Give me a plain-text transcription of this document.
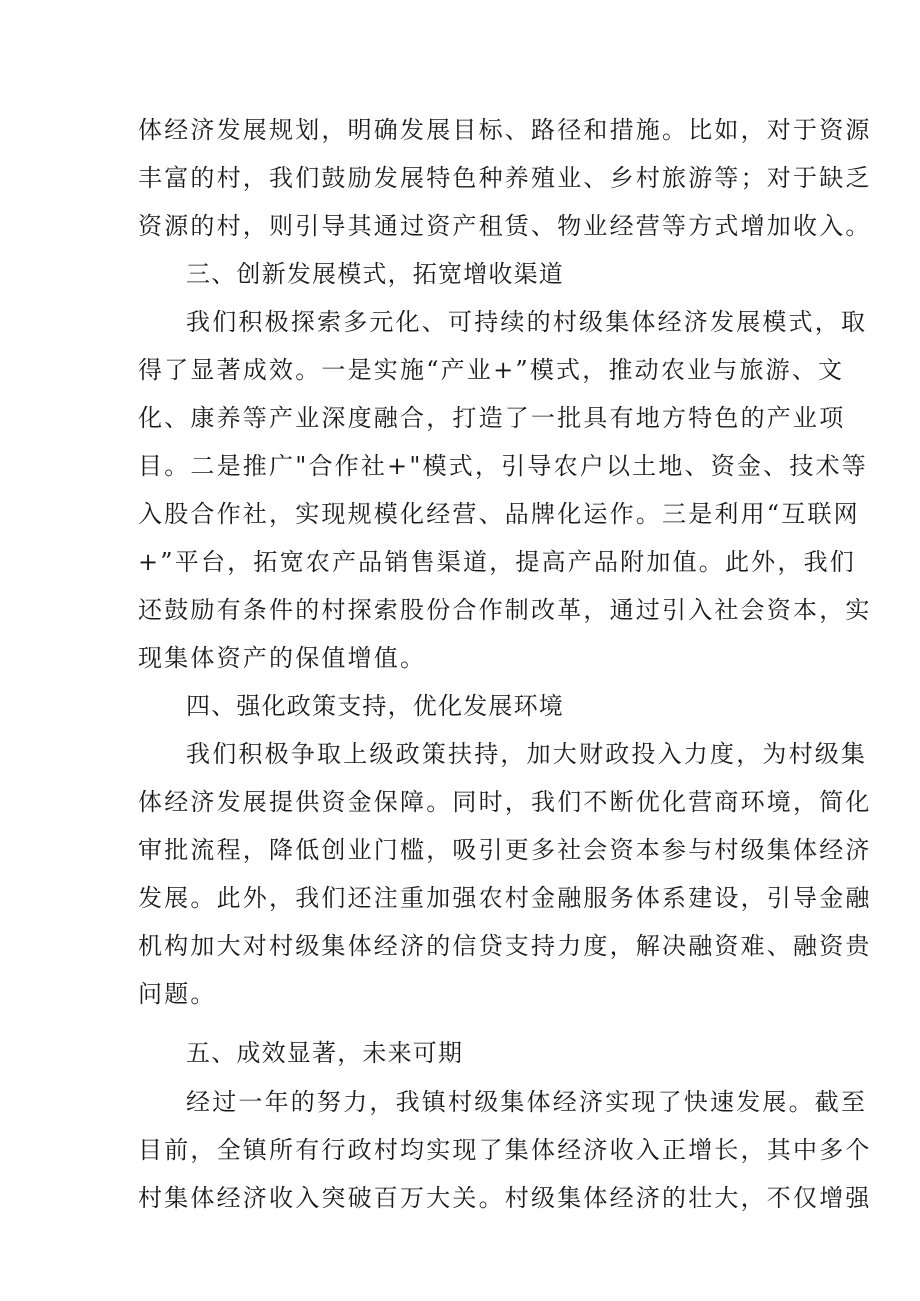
体经济发展规划，明确发展目标、路径和措施。比如，对于资源
丰富的村，我们鼓励发展特色种养殖业、乡村旅游等；对于缺乏
资源的村，则引导其通过资产租赁、物业经营等方式增加收入。
三、创新发展模式，拓宽增收渠道
我们积极探索多元化、可持续的村级集体经济发展模式，取
得了显著成效。一是实施“产业+”模式，推动农业与旅游、文
化、康养等产业深度融合，打造了一批具有地方特色的产业项
目。二是推广"合作社+"模式，引导农户以土地、资金、技术等
入股合作社，实现规模化经营、品牌化运作。三是利用“互联网
+”平台，拓宽农产品销售渠道，提高产品附加值。此外，我们
还鼓励有条件的村探索股份合作制改革，通过引入社会资本，实
现集体资产的保值增值。
四、强化政策支持，优化发展环境
我们积极争取上级政策扶持，加大财政投入力度，为村级集
体经济发展提供资金保障。同时，我们不断优化营商环境，简化
审批流程，降低创业门槛，吸引更多社会资本参与村级集体经济
发展。此外，我们还注重加强农村金融服务体系建设，引导金融
机构加大对村级集体经济的信贷支持力度，解决融资难、融资贵
问题。
五、成效显著，未来可期
经过一年的努力，我镇村级集体经济实现了快速发展。截至
目前，全镇所有行政村均实现了集体经济收入正增长，其中多个
村集体经济收入突破百万大关。村级集体经济的壮大，不仅增强
